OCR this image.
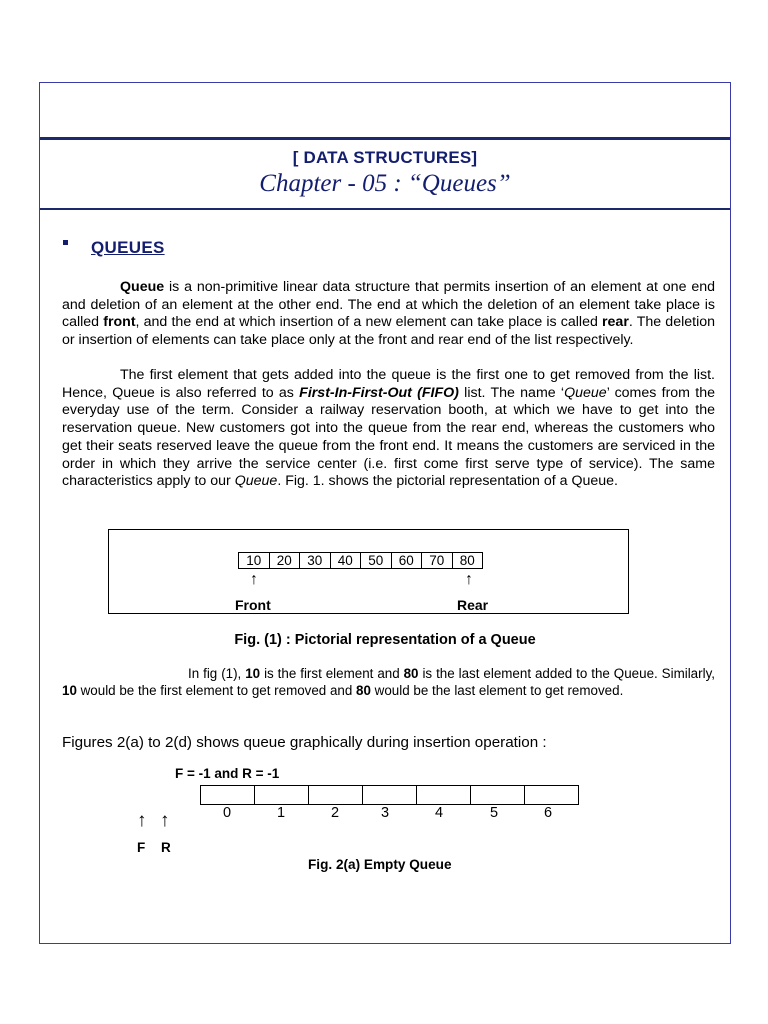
[ DATA STRUCTURES]
Chapter - 05 : “Queues”
QUEUES
Queue is a non-primitive linear data structure that permits insertion of an element at one end and deletion of an element at the other end. The end at which the deletion of an element take place is called front, and the end at which insertion of a new element can take place is called rear. The deletion or insertion of elements can take place only at the front and rear end of the list respectively.
The first element that gets added into the queue is the first one to get removed from the list. Hence, Queue is also referred to as First-In-First-Out (FIFO) list. The name ‘Queue’ comes from the everyday use of the term. Consider a railway reservation booth, at which we have to get into the reservation queue. New customers got into the queue from the rear end, whereas the customers who get their seats reserved leave the queue from the front end. It means the customers are serviced in the order in which they arrive the service center (i.e. first come first serve type of service). The same characteristics apply to our Queue. Fig. 1. shows the pictorial representation of a Queue.
10	20	30	40	50	60	70	80
↑	↑
Front	Rear
Fig. (1) : Pictorial representation of a Queue
In fig (1), 10 is the first element and 80 is the last element added to the Queue. Similarly, 10 would be the first element to get removed and 80 would be the last element to get removed.
Figures 2(a) to 2(d) shows queue graphically during insertion operation :
F = -1 and R = -1
0	1	2	3	4	5	6
↑ ↑
F R
Fig. 2(a) Empty Queue
